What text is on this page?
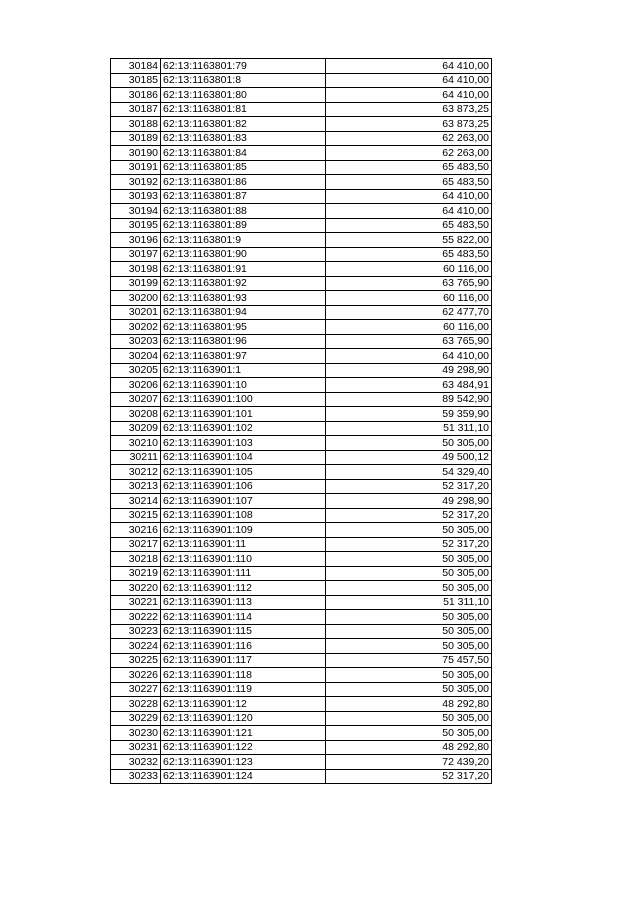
30184	62:13:1163801:79	64 410,00
30185	62:13:1163801:8	64 410,00
30186	62:13:1163801:80	64 410,00
30187	62:13:1163801:81	63 873,25
30188	62:13:1163801:82	63 873,25
30189	62:13:1163801:83	62 263,00
30190	62:13:1163801:84	62 263,00
30191	62:13:1163801:85	65 483,50
30192	62:13:1163801:86	65 483,50
30193	62:13:1163801:87	64 410,00
30194	62:13:1163801:88	64 410,00
30195	62:13:1163801:89	65 483,50
30196	62:13:1163801:9	55 822,00
30197	62:13:1163801:90	65 483,50
30198	62:13:1163801:91	60 116,00
30199	62:13:1163801:92	63 765,90
30200	62:13:1163801:93	60 116,00
30201	62:13:1163801:94	62 477,70
30202	62:13:1163801:95	60 116,00
30203	62:13:1163801:96	63 765,90
30204	62:13:1163801:97	64 410,00
30205	62:13:1163901:1	49 298,90
30206	62:13:1163901:10	63 484,91
30207	62:13:1163901:100	89 542,90
30208	62:13:1163901:101	59 359,90
30209	62:13:1163901:102	51 311,10
30210	62:13:1163901:103	50 305,00
30211	62:13:1163901:104	49 500,12
30212	62:13:1163901:105	54 329,40
30213	62:13:1163901:106	52 317,20
30214	62:13:1163901:107	49 298,90
30215	62:13:1163901:108	52 317,20
30216	62:13:1163901:109	50 305,00
30217	62:13:1163901:11	52 317,20
30218	62:13:1163901:110	50 305,00
30219	62:13:1163901:111	50 305,00
30220	62:13:1163901:112	50 305,00
30221	62:13:1163901:113	51 311,10
30222	62:13:1163901:114	50 305,00
30223	62:13:1163901:115	50 305,00
30224	62:13:1163901:116	50 305,00
30225	62:13:1163901:117	75 457,50
30226	62:13:1163901:118	50 305,00
30227	62:13:1163901:119	50 305,00
30228	62:13:1163901:12	48 292,80
30229	62:13:1163901:120	50 305,00
30230	62:13:1163901:121	50 305,00
30231	62:13:1163901:122	48 292,80
30232	62:13:1163901:123	72 439,20
30233	62:13:1163901:124	52 317,20
